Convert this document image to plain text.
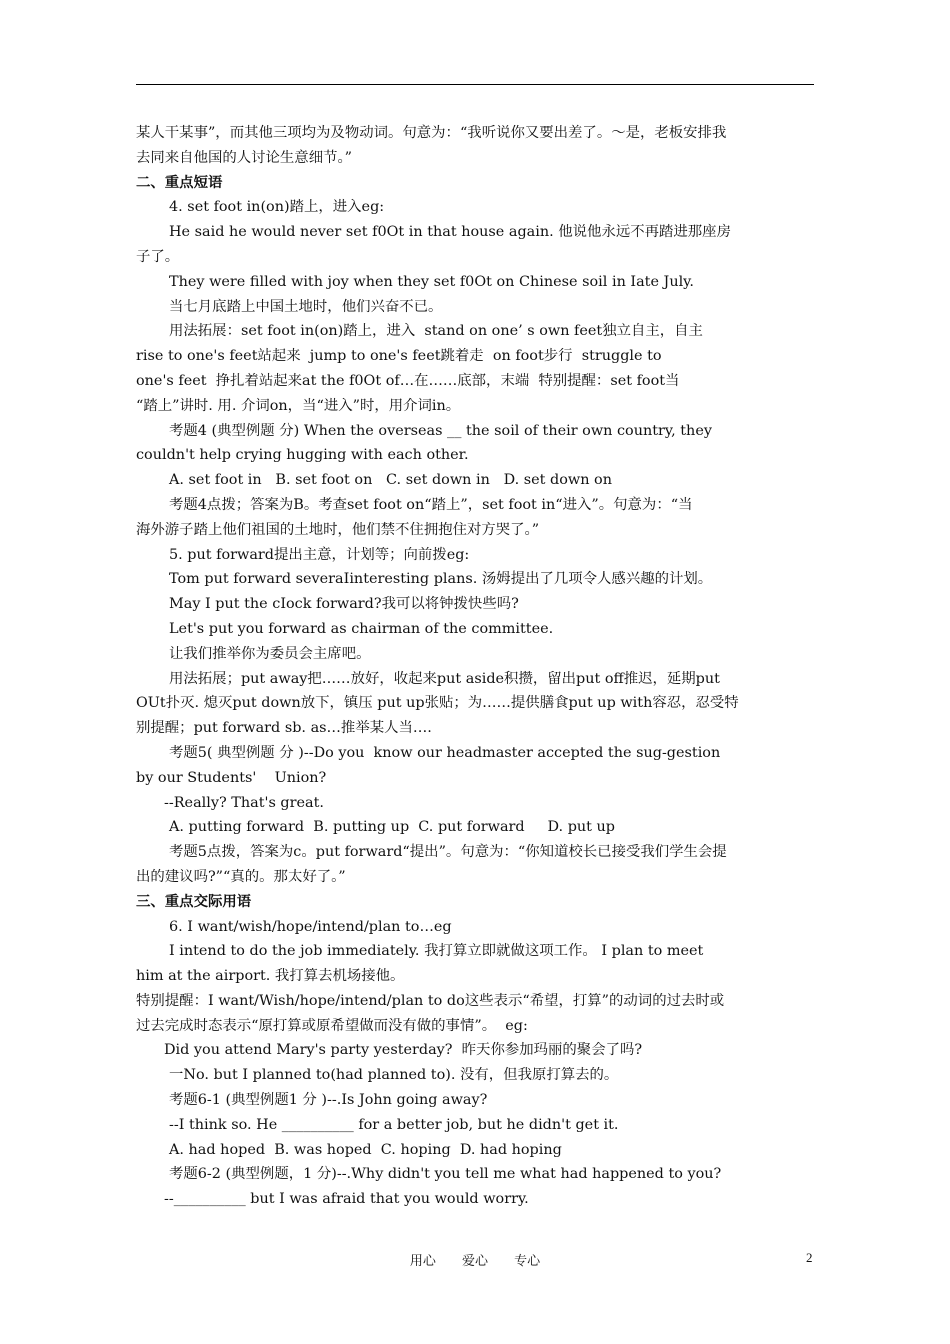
某人干某事”，而其他三项均为及物动词。句意为：“我听说你又要出差了。～是，老板安排我
去同来自他国的人讨论生意细节。”
二、重点短语
4. set foot in(on)踏上，进入eg:
He said he would never set f0Ot in that house again. 他说他永远不再踏进那座房
子了。
They were filled with joy when they set f0Ot on Chinese soil in Iate July.
当七月底踏上中国土地时，他们兴奋不已。
用法拓展：set foot in(on)踏上，进入  stand on one’ s own feet独立自主，自主
rise to one's feet站起来  jump to one's feet跳着走  on foot步行  struggle to
one's feet  挣扎着站起来at the f0Ot of…在……底部，末端  特别提醒：set foot当
“踏上”讲时. 用. 介词on，当“进入”时，用介词in。
考题4 (典型例题 分) When the overseas __ the soil of their own country, they
couldn't help crying hugging with each other.
A. set foot in   B. set foot on   C. set down in   D. set down on
考题4点拨；答案为B。考查set foot on“踏上”，set foot in“进入”。句意为：“当
海外游子踏上他们祖国的土地时，他们禁不住拥抱住对方哭了。”
5. put forward提出主意，计划等；向前拨eg:
Tom put forward severaIinteresting plans. 汤姆提出了几项令人感兴趣的计划。
May I put the cIock forward?我可以将钟拨快些吗?
Let's put you forward as chairman of the committee.
让我们推举你为委员会主席吧。
用法拓展；put away把……放好，收起来put aside积攒，留出put off推迟，延期put
OUt扑灭. 熄灭put down放下，镇压 put up张贴；为……提供膳食put up with容忍，忍受特
别提醒；put forward sb. as…推举某人当….
考题5( 典型例题 分 )--Do you  know our headmaster accepted the sug-gestion
by our Students'    Union?
--Really? That's great.
A. putting forward  B. putting up  C. put forward     D. put up
考题5点拨，答案为c。put forward“提出”。句意为：“你知道校长已接受我们学生会提
出的建议吗?”“真的。那太好了。”
三、重点交际用语
6. I want/wish/hope/intend/plan to…eg
I intend to do the job immediately. 我打算立即就做这项工作。 I plan to meet
him at the airport. 我打算去机场接他。
特别提醒：I want/Wish/hope/intend/plan to do这些表示“希望，打算”的动词的过去时或
过去完成时态表示“原打算或原希望做而没有做的事情”。  eg:
Did you attend Mary's party yesterday?  昨天你参加玛丽的聚会了吗?
一No. but I planned to(had planned to). 没有，但我原打算去的。
考题6-1 (典型例题1 分 )--.Is John going away?
--I think so. He __________ for a better job, but he didn't get it.
A. had hoped  B. was hoped  C. hoping  D. had hoping
考题6-2 (典型例题，1 分)--.Why didn't you tell me what had happened to you?
--__________ but I was afraid that you would worry.
用心 爱心 专心	2
